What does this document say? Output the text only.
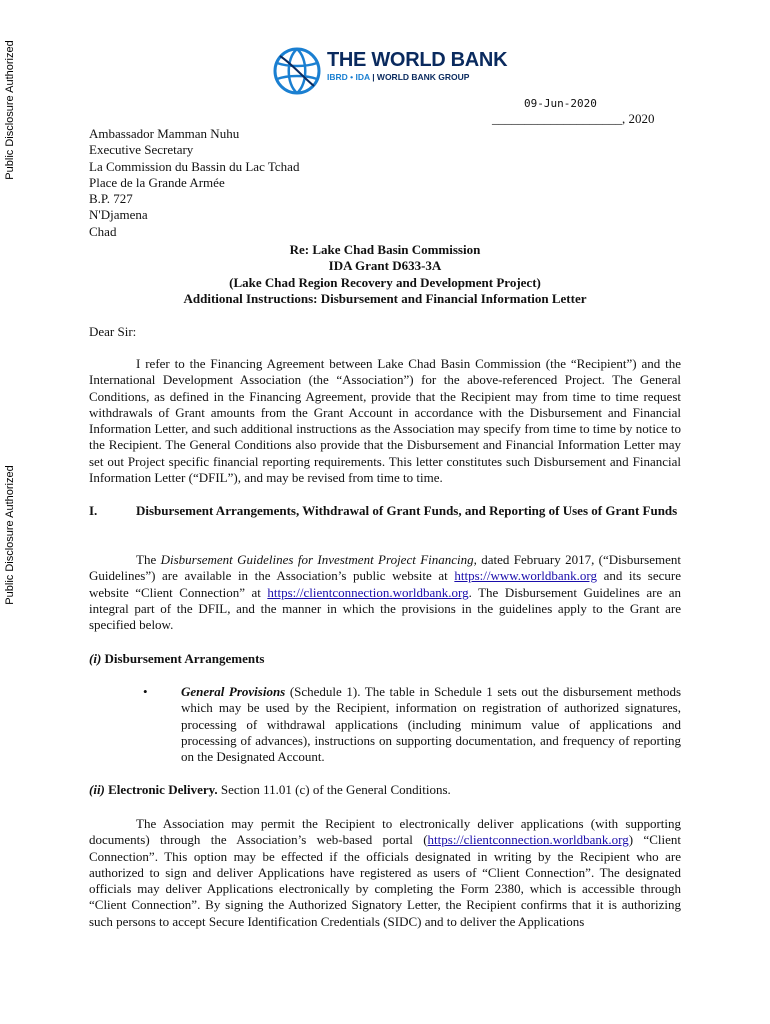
Public Disclosure Authorized
Public Disclosure Authorized
THE WORLD BANK
IBRD • IDA | WORLD BANK GROUP
09-Jun-2020
____________________, 2020
Ambassador Mamman Nuhu
Executive Secretary
La Commission du Bassin du Lac Tchad
Place de la Grande Armée
B.P. 727
N'Djamena
Chad
Re: Lake Chad Basin Commission
IDA Grant D633-3A
(Lake Chad Region Recovery and Development Project)
Additional Instructions: Disbursement and Financial Information Letter
Dear Sir:
I refer to the Financing Agreement between Lake Chad Basin Commission (the “Recipient”) and the International Development Association (the “Association”) for the above-referenced Project. The General Conditions, as defined in the Financing Agreement, provide that the Recipient may from time to time request withdrawals of Grant amounts from the Grant Account in accordance with the Disbursement and Financial Information Letter, and such additional instructions as the Association may specify from time to time by notice to the Recipient. The General Conditions also provide that the Disbursement and Financial Information Letter may set out Project specific financial reporting requirements. This letter constitutes such Disbursement and Financial Information Letter (“DFIL”), and may be revised from time to time.
I.	Disbursement Arrangements, Withdrawal of Grant Funds, and Reporting of Uses of Grant Funds
The Disbursement Guidelines for Investment Project Financing, dated February 2017, (“Disbursement Guidelines”) are available in the Association’s public website at https://www.worldbank.org and its secure website “Client Connection” at https://clientconnection.worldbank.org. The Disbursement Guidelines are an integral part of the DFIL, and the manner in which the provisions in the guidelines apply to the Grant are specified below.
(i) Disbursement Arrangements
•	General Provisions (Schedule 1). The table in Schedule 1 sets out the disbursement methods which may be used by the Recipient, information on registration of authorized signatures, processing of withdrawal applications (including minimum value of applications and processing of advances), instructions on supporting documentation, and frequency of reporting on the Designated Account.
(ii) Electronic Delivery. Section 11.01 (c) of the General Conditions.
The Association may permit the Recipient to electronically deliver applications (with supporting documents) through the Association’s web-based portal (https://clientconnection.worldbank.org) “Client Connection”. This option may be effected if the officials designated in writing by the Recipient who are authorized to sign and deliver Applications have registered as users of “Client Connection”. The designated officials may deliver Applications electronically by completing the Form 2380, which is accessible through “Client Connection”. By signing the Authorized Signatory Letter, the Recipient confirms that it is authorizing such persons to accept Secure Identification Credentials (SIDC) and to deliver the Applications
